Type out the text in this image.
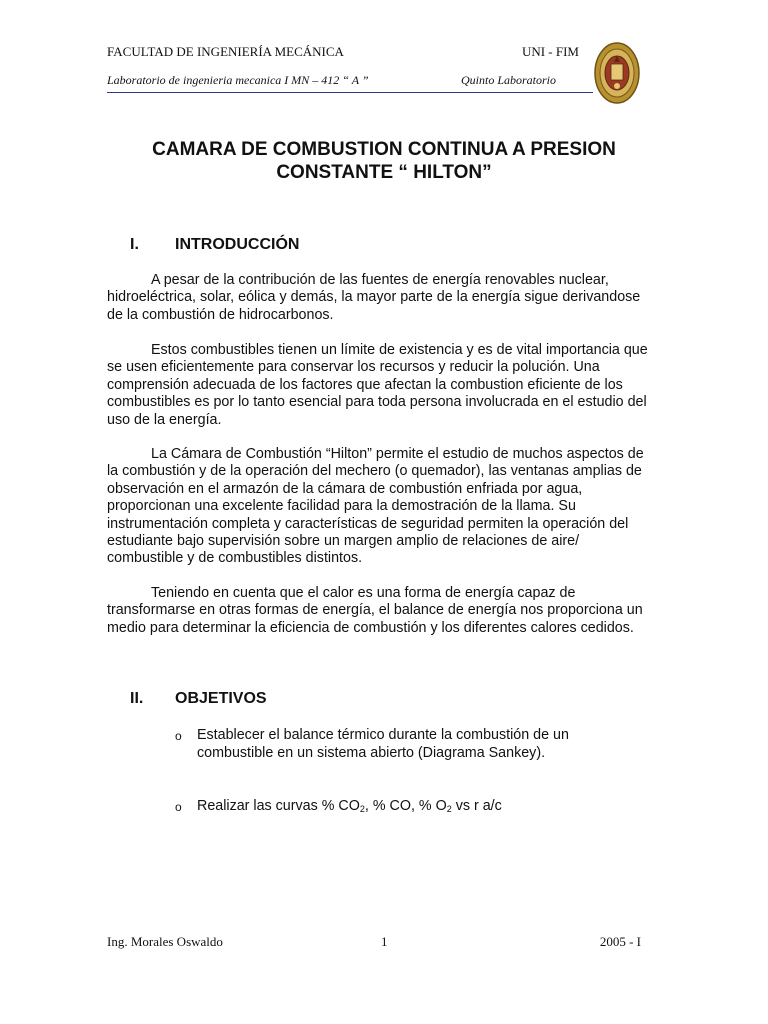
FACULTAD DE INGENIERÍA MECÁNICA	UNI - FIM
Laboratorio de ingenieria mecanica I MN – 412 “ A ”	Quinto Laboratorio
CAMARA DE COMBUSTION CONTINUA A PRESION CONSTANTE “ HILTON”
I. INTRODUCCIÓN

A pesar de la contribución de las fuentes de energía renovables nuclear, hidroeléctrica, solar, eólica y demás, la mayor parte de la energía sigue derivandose de la combustión de hidrocarbonos.

Estos combustibles tienen un límite de existencia y es de vital importancia que se usen eficientemente para conservar los recursos y reducir la polución. Una comprensión adecuada de los factores que afectan la combustion eficiente de los combustibles es por lo tanto esencial para toda persona involucrada en el estudio del uso de la energía.

La Cámara de Combustión “Hilton” permite el estudio de muchos aspectos de la combustión y de la operación del mechero (o quemador), las ventanas amplias de observación en el armazón de la cámara de combustión enfriada por agua, proporcionan una excelente facilidad para la demostración de la llama. Su instrumentación completa y características de seguridad permiten la operación del estudiante bajo supervisión sobre un margen amplio de relaciones de aire/ combustible y de combustibles distintos.

Teniendo en cuenta que el calor es una forma de energía capaz de transformarse en otras formas de energía, el balance de energía nos proporciona un medio para determinar la eficiencia de combustión y los diferentes calores cedidos.

II. OBJETIVOS
o Establecer el balance térmico durante la combustión de un combustible en un sistema abierto (Diagrama Sankey).
o Realizar las curvas % $CO_2$, % CO, % $O_2$ vs r a/c
Ing. Morales Oswaldo	1	2005 - I
